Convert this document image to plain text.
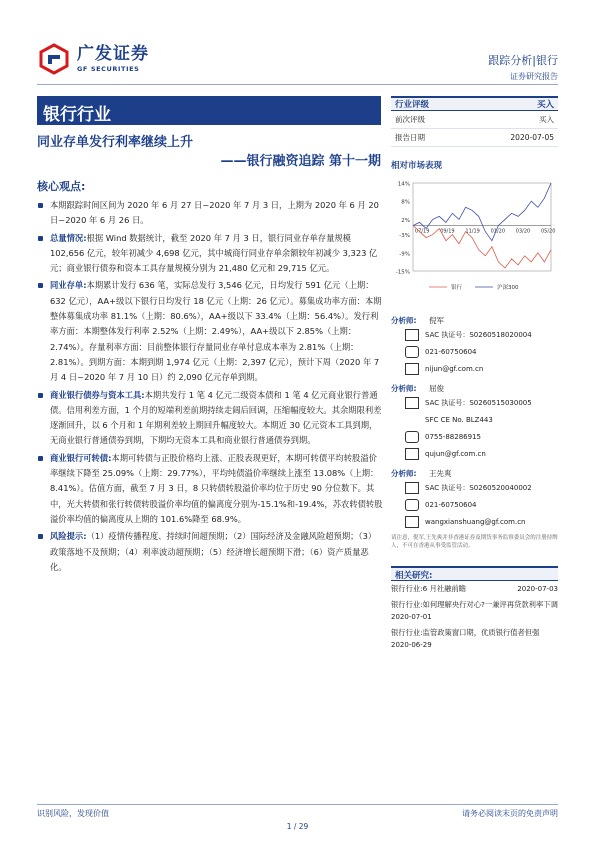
广发证券
GF SECURITIES
跟踪分析|银行
证券研究报告
银行行业
同业存单发行利率继续上升
——银行融资追踪 第十一期
核心观点:
本期跟踪时间区间为 2020 年 6 月 27 日~2020 年 7 月 3 日，上期为 2020 年 6 月 20 日~2020 年 6 月 26 日。
总量情况:根据 Wind 数据统计，截至 2020 年 7 月 3 日，银行同业存单存量规模 102,656 亿元，较年初减少 4,698 亿元，其中城商行同业存单余额较年初减少 3,323 亿元；商业银行债券和资本工具存量规模分别为 21,480 亿元和 29,715 亿元。
同业存单:本期累计发行 636 笔，实际总发行 3,546 亿元，日均发行 591 亿元（上期：632 亿元），AA+级以下银行日均发行 18 亿元（上期：26 亿元）。募集成功率方面：本期整体募集成功率 81.1%（上期：80.6%），AA+级以下 33.4%（上期：56.4%）。发行利率方面：本期整体发行利率 2.52%（上期：2.49%），AA+级以下 2.85%（上期：2.74%）。存量利率方面：目前整体银行存量同业存单付息成本率为 2.81%（上期：2.81%）。到期方面：本期到期 1,974 亿元（上期：2,397 亿元），预计下周（2020 年 7 月 4 日~2020 年 7 月 10 日）约 2,090 亿元存单到期。
商业银行债券与资本工具:本期共发行 1 笔 4 亿元二级资本债和 1 笔 4 亿元商业银行普通债。信用利差方面，1 个月的短端利差前期持续走阔后回调，压缩幅度较大。其余期限利差逐渐回升，以 6 个月和 1 年期利差较上期回升幅度较大。本期近 30 亿元资本工具到期，无商业银行普通债券到期，下期均无资本工具和商业银行普通债券到期。
商业银行可转债:本期可转债与正股价格均上涨、正股表现更好，本期可转债平均转股溢价率继续下降至 25.09%（上期：29.77%），平均纯债溢价率继续上涨至 13.08%（上期：8.41%）。估值方面，截至 7 月 3 日，8 只转债转股溢价率均位于历史 90 分位数下。其中，光大转债和张行转债转股溢价率均值的偏离度分别为-15.1%和-19.4%，苏农转债转股溢价率均值的偏离度从上期的 101.6%降至 68.9%。
风险提示:（1）疫情传播程度、持续时间超预期；（2）国际经济及金融风险超预期；（3）政策落地不及预期；（4）利率波动超预期；（5）经济增长超预期下滑；（6）资产质量恶化。
行业评级	买入
前次评级	买入
报告日期	2020-07-05
相对市场表现
14%
8%
2%
-3%
-9%
-15%
07/19 09/19 11/19 01/20 03/20 05/20
银行	沪深300
分析师:	倪军
SAC 执证号：S0260518020004
021-60750604
nijun@gf.com.cn
分析师:	屈俊
SAC 执证号：S0260515030005
SFC CE No. BLZ443
0755-88286915
qujun@gf.com.cn
分析师:	王先爽
SAC 执证号：S0260520040002
021-60750604
wangxianshuang@gf.com.cn
请注意，倪军,王先爽并非香港证券及期货事务监察委员会的注册持牌人，不可在香港从事受监管活动。
相关研究:
银行行业:6 月社融前瞻	2020-07-03
银行行业:如何理解央行对心?一兼评再贷款利率下调
2020-07-01
银行行业:监管政策窗口期，优质银行值者但强
2020-06-29
识别风险，发现价值	请务必阅读末页的免责声明
1 / 29
